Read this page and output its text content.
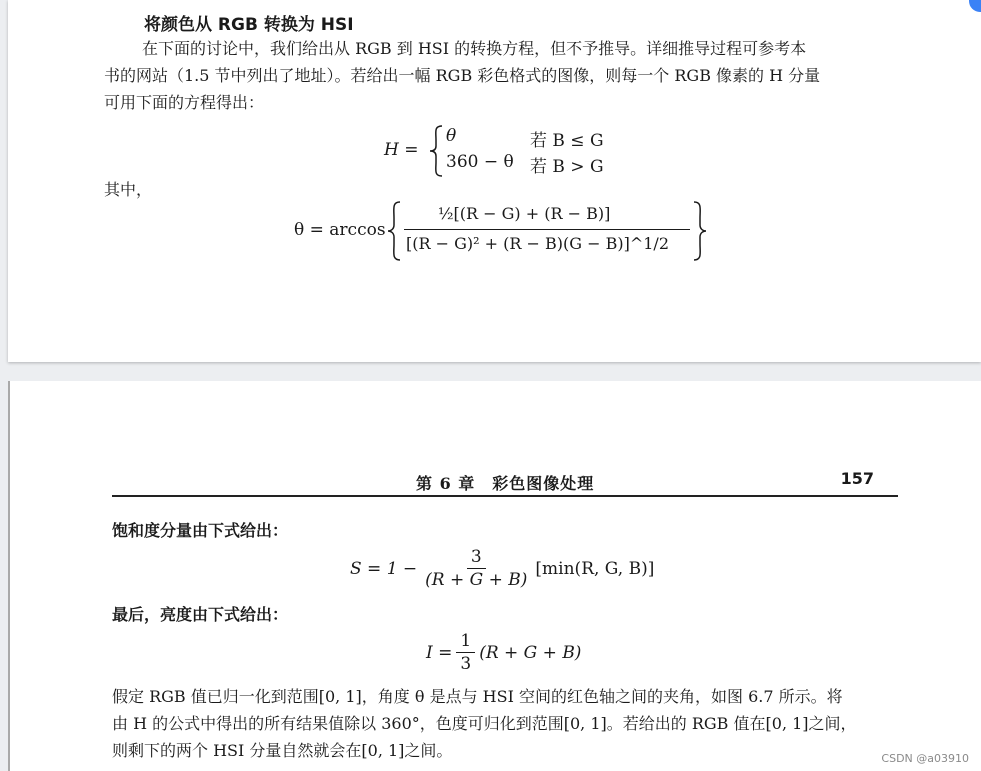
将颜色从 RGB 转换为 HSI
在下面的讨论中，我们给出从 RGB 到 HSI 的转换方程，但不予推导。详细推导过程可参考本
书的网站（1.5 节中列出了地址）。若给出一幅 RGB 彩色格式的图像，则每一个 RGB 像素的 H 分量
可用下面的方程得出：
H =
θ	若 B ≤ G
360 − θ 若 B > G
其中，
θ = arccos
½[(R − G) + (R − B)]
[(R − G)² + (R − B)(G − B)]^1/2
第 6 章　彩色图像处理	157
饱和度分量由下式给出：
$S = 1 - \frac{3}{(R + G + B)} [\min(R$, G, B)]
最后，亮度由下式给出：
$I = \frac{1}{3} (R + G + B)$
假定 RGB 值已归一化到范围[0, 1]，角度 θ 是点与 HSI 空间的红色轴之间的夹角，如图 6.7 所示。将
由 H 的公式中得出的所有结果值除以 360°，色度可归化到范围[0, 1]。若给出的 RGB 值在[0, 1]之间，
则剩下的两个 HSI 分量自然就会在[0, 1]之间。	CSDN @a03910
